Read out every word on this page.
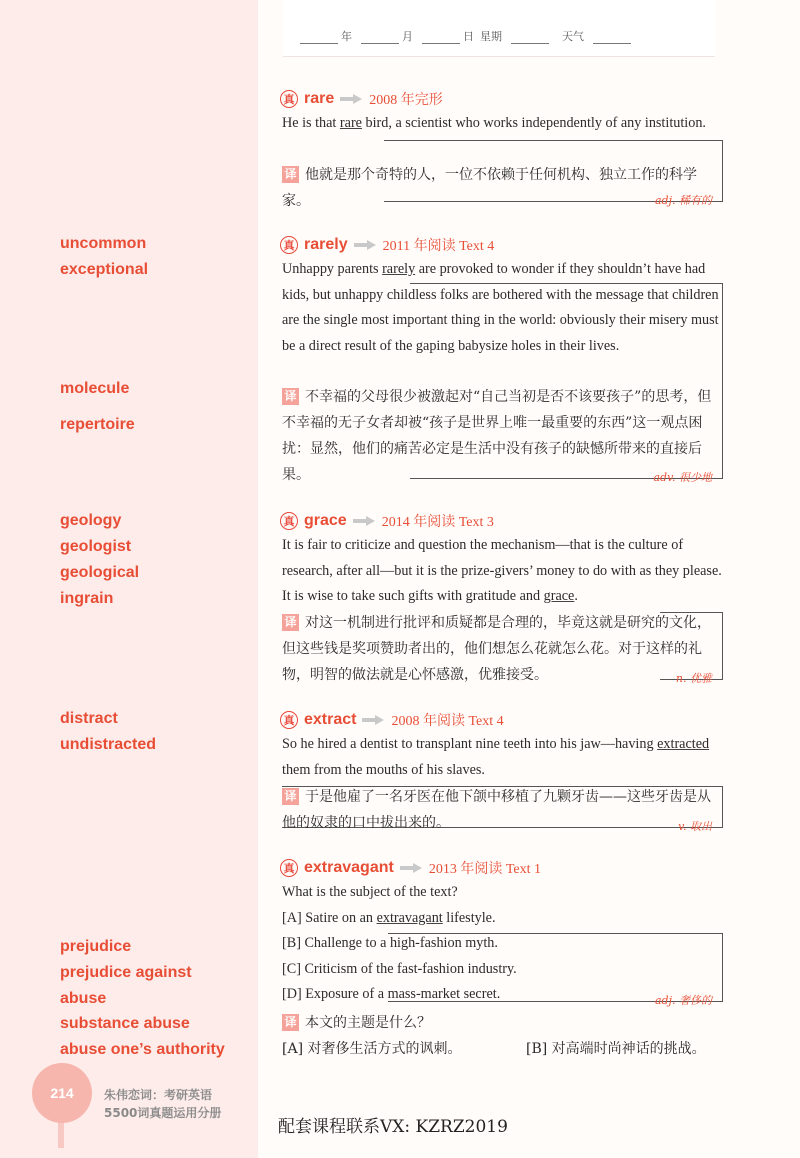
年	月	日 星期	天气
uncommon
exceptional
molecule
repertoire
geology
geologist
geological
ingrain
distract
undistracted
prejudice
prejudice against
abuse
substance abuse
abuse one’s authority
真 rare	2008 年完形
He is that rare bird, a scientist who works independently of any institution.
译 他就是那个奇特的人，一位不依赖于任何机构、独立工作的科学家。	adj. 稀有的
真 rarely	2011 年阅读 Text 4
Unhappy parents rarely are provoked to wonder if they shouldn’t have had kids, but unhappy childless folks are bothered with the message that children are the single most important thing in the world: obviously their misery must be a direct result of the gaping babysize holes in their lives.
译 不幸福的父母很少被激起对“自己当初是否不该要孩子”的思考，但不幸福的无子女者却被“孩子是世界上唯一最重要的东西”这一观点困扰：显然，他们的痛苦必定是生活中没有孩子的缺憾所带来的直接后果。	adv. 很少地
真 grace	2014 年阅读 Text 3
It is fair to criticize and question the mechanism—that is the culture of research, after all—but it is the prize-givers’ money to do with as they please. It is wise to take such gifts with gratitude and grace.
译 对这一机制进行批评和质疑都是合理的，毕竟这就是研究的文化，但这些钱是奖项赞助者出的，他们想怎么花就怎么花。对于这样的礼物，明智的做法就是心怀感激，优雅接受。	n. 优雅
真 extract	2008 年阅读 Text 4
So he hired a dentist to transplant nine teeth into his jaw—having extracted them from the mouths of his slaves.
译 于是他雇了一名牙医在他下颌中移植了九颗牙齿——这些牙齿是从他的奴隶的口中拔出来的。	v. 取出
真 extravagant	2013 年阅读 Text 1
What is the subject of the text?
[A] Satire on an extravagant lifestyle.
[B] Challenge to a high-fashion myth.
[C] Criticism of the fast-fashion industry.
[D] Exposure of a mass-market secret.	adj. 奢侈的
译 本文的主题是什么？
[A] 对奢侈生活方式的讽刺。	[B] 对高端时尚神话的挑战。
214	朱伟恋词：考研英语
5500词真题运用分册
配套课程联系VX: KZRZ2019
